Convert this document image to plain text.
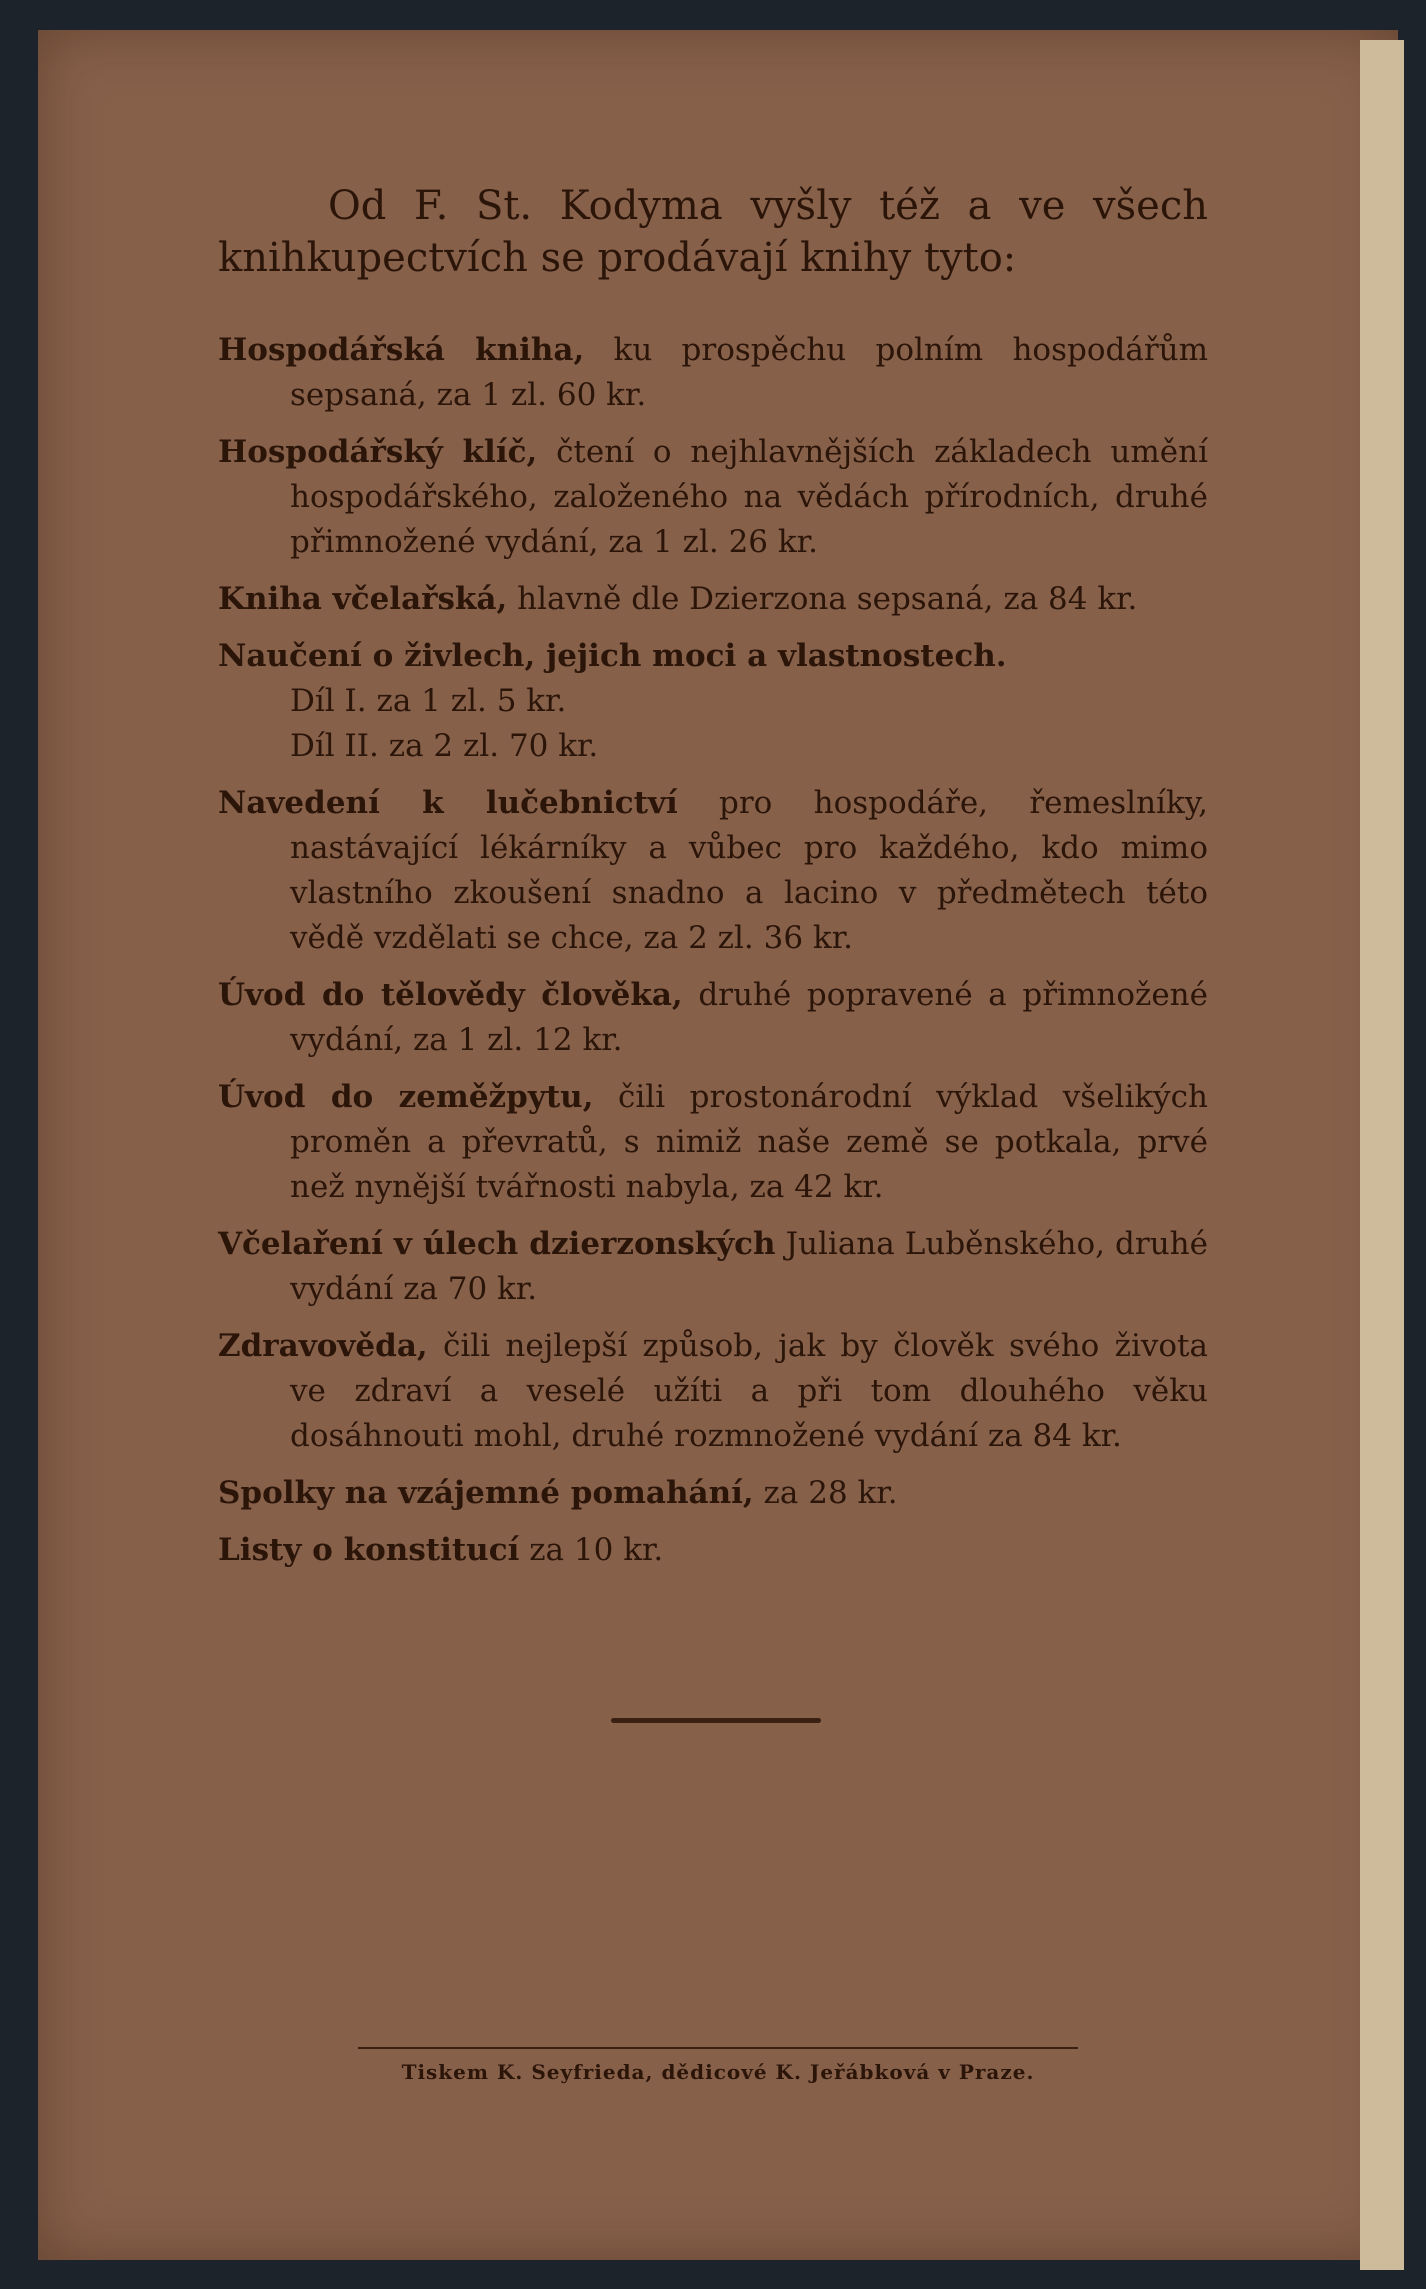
Od F. St. Kodyma vyšly též a ve všech knihkupectvích se prodávají knihy tyto:

Hospodářská kniha, ku prospěchu polním hospodářům sepsaná, za 1 zl. 60 kr.

Hospodářský klíč, čtení o nejhlavnějších základech umění hospodářského, založeného na vědách přírodních, druhé přimnožené vydání, za 1 zl. 26 kr.

Kniha včelařská, hlavně dle Dzierzona sepsaná, za 84 kr.

Naučení o živlech, jejich moci a vlastnostech.
Díl I. za 1 zl. 5 kr.
Díl II. za 2 zl. 70 kr.

Navedení k lučebnictví pro hospodáře, řemeslníky, nastávající lékárníky a vůbec pro každého, kdo mimo vlastního zkoušení snadno a lacino v předmětech této vědě vzdělati se chce, za 2 zl. 36 kr.

Úvod do tělovědy člověka, druhé popravené a přimnožené vydání, za 1 zl. 12 kr.

Úvod do zeměžpytu, čili prostonárodní výklad všelikých proměn a převratů, s nimiž naše země se potkala, prvé než nynější tvářnosti nabyla, za 42 kr.

Včelaření v úlech dzierzonských Juliana Luběnského, druhé vydání za 70 kr.

Zdravověda, čili nejlepší způsob, jak by člověk svého života ve zdraví a veselé užíti a při tom dlouhého věku dosáhnouti mohl, druhé rozmnožené vydání za 84 kr.

Spolky na vzájemné pomahání, za 28 kr.

Listy o konstitucí za 10 kr.

Tiskem K. Seyfrieda, dědicové K. Jeřábková v Praze.
